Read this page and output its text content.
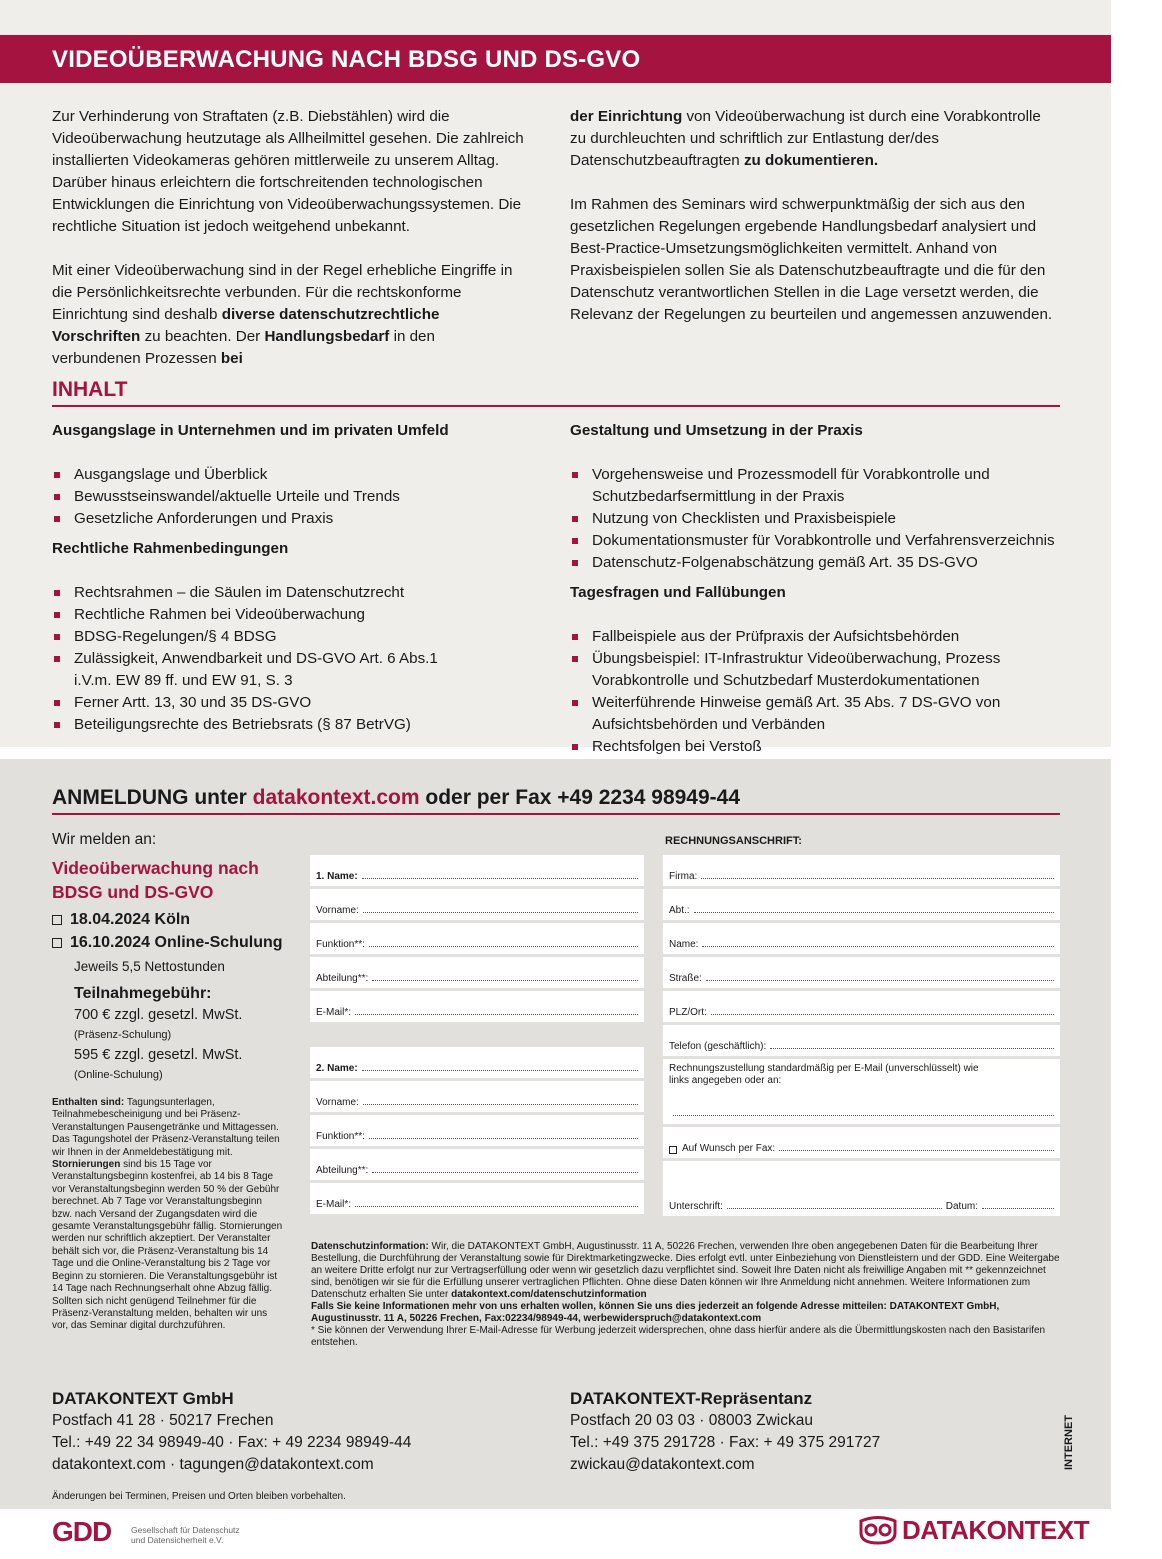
VIDEOÜBERWACHUNG NACH BDSG UND DS-GVO

Zur Verhinderung von Straftaten (z.B. Diebstählen) wird die Videoüberwachung heutzutage als Allheilmittel gesehen. Die zahlreich installierten Videokameras gehören mittlerweile zu unserem Alltag. Darüber hinaus erleichtern die fortschreitenden technologischen Entwicklungen die Einrichtung von Videoüberwachungssystemen. Die rechtliche Situation ist jedoch weitgehend unbekannt.

Mit einer Videoüberwachung sind in der Regel erhebliche Eingriffe in die Persönlichkeitsrechte verbunden. Für die rechtskonforme Einrichtung sind deshalb diverse datenschutzrechtliche Vorschriften zu beachten. Der Handlungsbedarf in den verbundenen Prozessen bei

der Einrichtung von Videoüberwachung ist durch eine Vorabkontrolle zu durchleuchten und schriftlich zur Entlastung der/des Datenschutzbeauftragten zu dokumentieren.

Im Rahmen des Seminars wird schwerpunktmäßig der sich aus den gesetzlichen Regelungen ergebende Handlungsbedarf analysiert und Best-Practice-Umsetzungsmöglichkeiten vermittelt. Anhand von Praxisbeispielen sollen Sie als Datenschutzbeauftragte und die für den Datenschutz verantwortlichen Stellen in die Lage versetzt werden, die Relevanz der Regelungen zu beurteilen und angemessen anzuwenden.

INHALT

Ausgangslage in Unternehmen und im privaten Umfeld

Ausgangslage und Überblick
Bewusstseinswandel/aktuelle Urteile und Trends
Gesetzliche Anforderungen und Praxis

Rechtliche Rahmenbedingungen

Rechtsrahmen – die Säulen im Datenschutzrecht
Rechtliche Rahmen bei Videoüberwachung
BDSG-Regelungen/§ 4 BDSG
Zulässigkeit, Anwendbarkeit und DS-GVO Art. 6 Abs.1 i.V.m. EW 89 ff. und EW 91, S. 3
Ferner Artt. 13, 30 und 35 DS-GVO
Beteiligungsrechte des Betriebsrats (§ 87 BetrVG)

Gestaltung und Umsetzung in der Praxis

Vorgehensweise und Prozessmodell für Vorabkontrolle und Schutzbedarfsermittlung in der Praxis
Nutzung von Checklisten und Praxisbeispiele
Dokumentationsmuster für Vorabkontrolle und Verfahrensverzeichnis
Datenschutz-Folgenabschätzung gemäß Art. 35 DS-GVO

Tagesfragen und Fallübungen

Fallbeispiele aus der Prüfpraxis der Aufsichtsbehörden
Übungsbeispiel: IT-Infrastruktur Videoüberwachung, Prozess Vorabkontrolle und Schutzbedarf Musterdokumentationen
Weiterführende Hinweise gemäß Art. 35 Abs. 7 DS-GVO von Aufsichtsbehörden und Verbänden
Rechtsfolgen bei Verstoß
ANMELDUNG unter datakontext.com oder per Fax +49 2234 98949-44
Wir melden an:
Videoüberwachung nach
BDSG und DS-GVO
18.04.2024 Köln
16.10.2024 Online-Schulung
Jeweils 5,5 Nettostunden
Teilnahmegebühr:
700 € zzgl. gesetzl. MwSt.
(Präsenz-Schulung)
595 € zzgl. gesetzl. MwSt.
(Online-Schulung)
Enthalten sind: Tagungsunterlagen, Teilnahmebescheinigung und bei Präsenz-Veranstaltungen Pausengetränke und Mittagessen. Das Tagungshotel der Präsenz-Veranstaltung teilen wir Ihnen in der Anmeldebestätigung mit.
Stornierungen sind bis 15 Tage vor Veranstaltungsbeginn kostenfrei, ab 14 bis 8 Tage vor Veranstaltungsbeginn werden 50 % der Gebühr berechnet. Ab 7 Tage vor Veranstaltungsbeginn bzw. nach Versand der Zugangsdaten wird die gesamte Veranstaltungsgebühr fällig. Stornierungen werden nur schriftlich akzeptiert. Der Veranstalter behält sich vor, die Präsenz-Veranstaltung bis 14 Tage und die Online-Veranstaltung bis 2 Tage vor Beginn zu stornieren. Die Veranstaltungsgebühr ist 14 Tage nach Rechnungserhalt ohne Abzug fällig. Sollten sich nicht genügend Teilnehmer für die Präsenz-Veranstaltung melden, behalten wir uns vor, das Seminar digital durchzuführen.
1. Name:
Vorname:
Funktion**:
Abteilung**:
E-Mail*:
2. Name:
Vorname:
Funktion**:
Abteilung**:
E-Mail*:
RECHNUNGSANSCHRIFT:
Firma:
Abt.:
Name:
Straße:
PLZ/Ort:
Telefon (geschäftlich):
Rechnungszustellung standardmäßig per E-Mail (unverschlüsselt) wie links angegeben oder an:
Auf Wunsch per Fax:
Unterschrift:	Datum:
Datenschutzinformation: Wir, die DATAKONTEXT GmbH, Augustinusstr. 11 A, 50226 Frechen, verwenden Ihre oben angegebenen Daten für die Bearbeitung Ihrer Bestellung, die Durchführung der Veranstaltung sowie für Direktmarketingzwecke. Dies erfolgt evtl. unter Einbeziehung von Dienstleistern und der GDD. Eine Weitergabe an weitere Dritte erfolgt nur zur Vertragserfüllung oder wenn wir gesetzlich dazu verpflichtet sind. Soweit Ihre Daten nicht als freiwillige Angaben mit ** gekennzeichnet sind, benötigen wir sie für die Erfüllung unserer vertraglichen Pflichten. Ohne diese Daten können wir Ihre Anmeldung nicht annehmen. Weitere Informationen zum Datenschutz erhalten Sie unter datakontext.com/datenschutzinformation
Falls Sie keine Informationen mehr von uns erhalten wollen, können Sie uns dies jederzeit an folgende Adresse mitteilen: DATAKONTEXT GmbH, Augustinusstr. 11 A, 50226 Frechen, Fax:02234/98949-44, werbewiderspruch@datakontext.com
* Sie können der Verwendung Ihrer E-Mail-Adresse für Werbung jederzeit widersprechen, ohne dass hierfür andere als die Übermittlungskosten nach den Basistarifen entstehen.
DATAKONTEXT GmbH
Postfach 41 28 · 50217 Frechen
Tel.: +49 22 34 98949-40 · Fax: + 49 2234 98949-44
datakontext.com · tagungen@datakontext.com
DATAKONTEXT-Repräsentanz
Postfach 20 03 03 · 08003 Zwickau
Tel.: +49 375 291728 · Fax: + 49 375 291727
zwickau@datakontext.com	INTERNET
Änderungen bei Terminen, Preisen und Orten bleiben vorbehalten.
GDD Gesellschaft für Datenschutz
und Datensicherheit e.V.	DATAKONTEXT
